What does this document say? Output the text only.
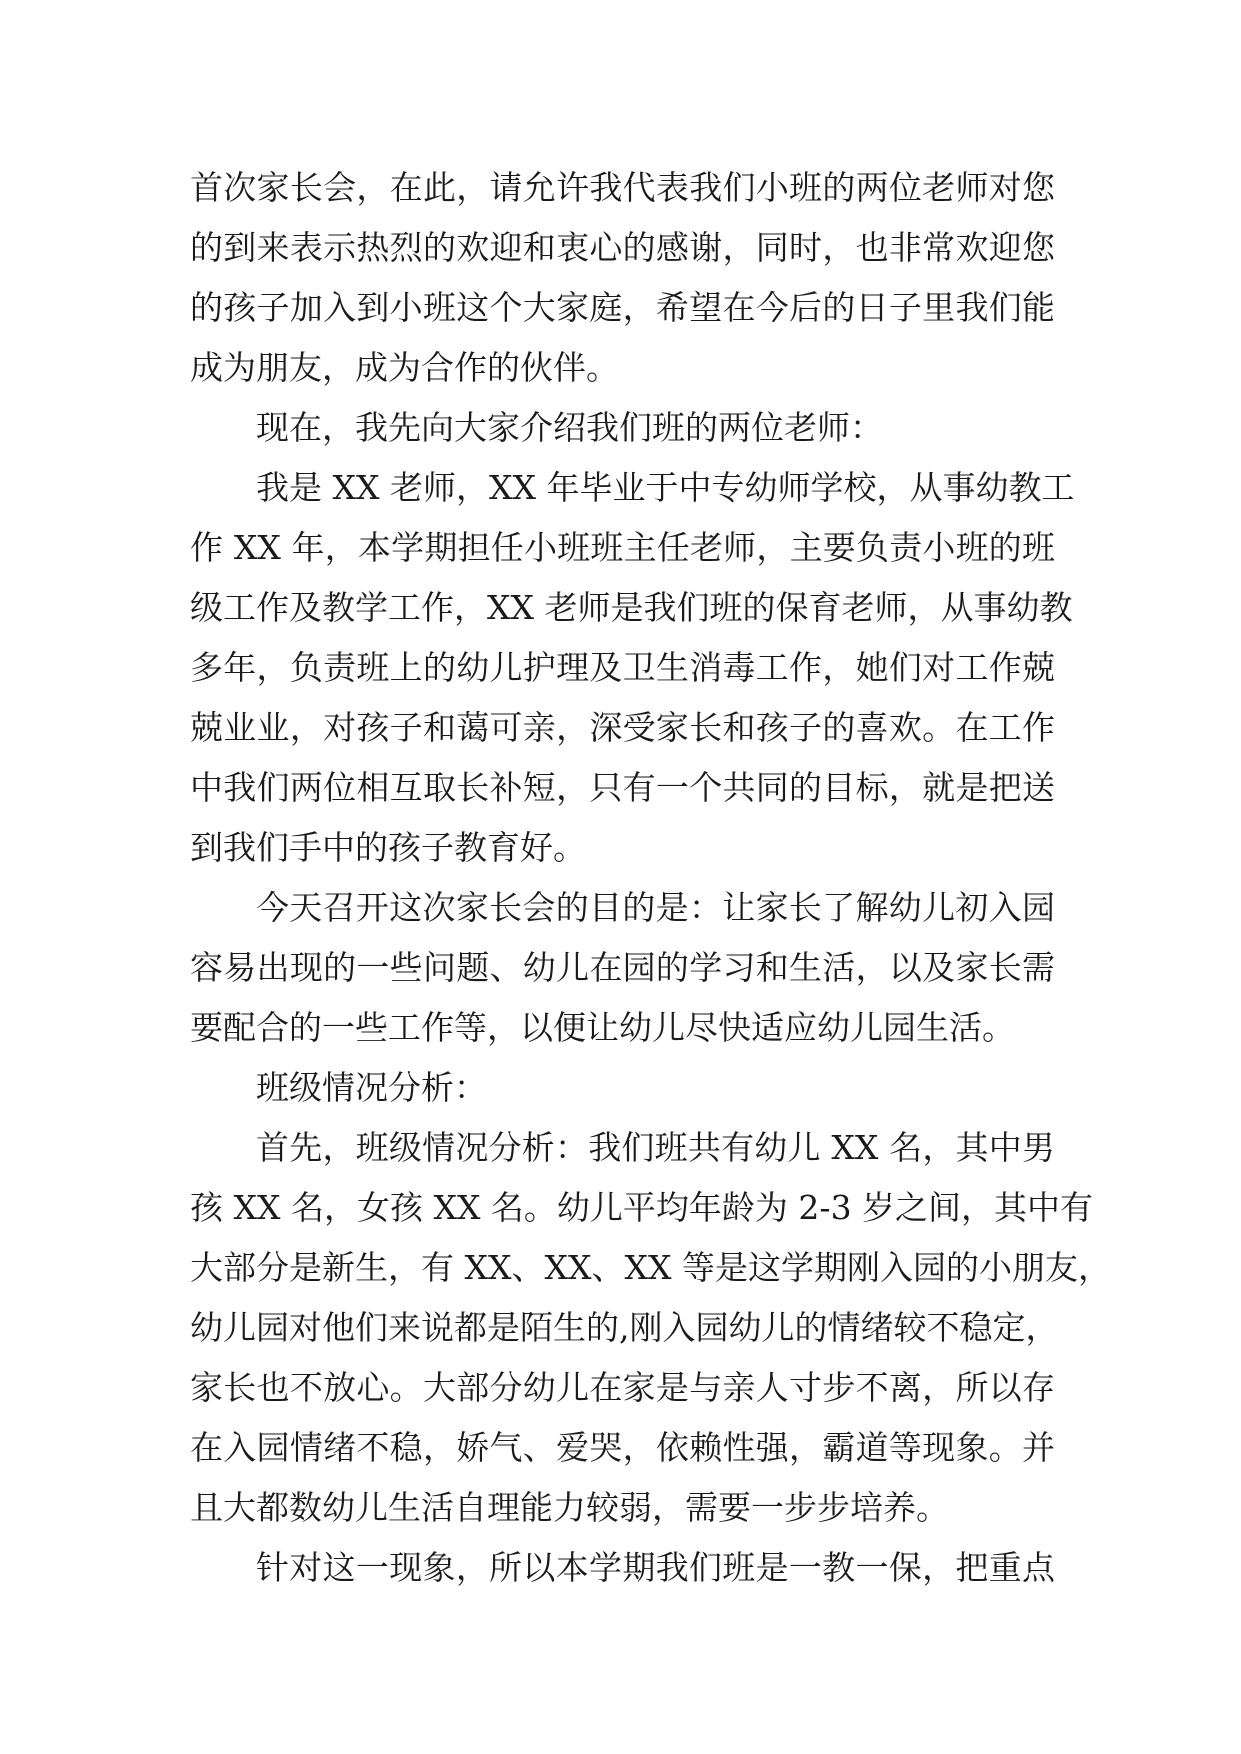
首次家长会，在此，请允许我代表我们小班的两位老师对您
的到来表示热烈的欢迎和衷心的感谢，同时，也非常欢迎您
的孩子加入到小班这个大家庭，希望在今后的日子里我们能
成为朋友，成为合作的伙伴。
现在，我先向大家介绍我们班的两位老师：
我是 XX 老师，XX 年毕业于中专幼师学校，从事幼教工
作 XX 年，本学期担任小班班主任老师，主要负责小班的班
级工作及教学工作，XX 老师是我们班的保育老师，从事幼教
多年，负责班上的幼儿护理及卫生消毒工作，她们对工作兢
兢业业，对孩子和蔼可亲，深受家长和孩子的喜欢。在工作
中我们两位相互取长补短，只有一个共同的目标，就是把送
到我们手中的孩子教育好。
今天召开这次家长会的目的是：让家长了解幼儿初入园
容易出现的一些问题、幼儿在园的学习和生活，以及家长需
要配合的一些工作等，以便让幼儿尽快适应幼儿园生活。
班级情况分析：
首先，班级情况分析：我们班共有幼儿 XX 名，其中男
孩 XX 名，女孩 XX 名。幼儿平均年龄为 2-3 岁之间，其中有
大部分是新生，有 XX、XX、XX 等是这学期刚入园的小朋友，
幼儿园对他们来说都是陌生的,刚入园幼儿的情绪较不稳定，
家长也不放心。大部分幼儿在家是与亲人寸步不离，所以存
在入园情绪不稳，娇气、爱哭，依赖性强，霸道等现象。并
且大都数幼儿生活自理能力较弱，需要一步步培养。
针对这一现象，所以本学期我们班是一教一保，把重点
